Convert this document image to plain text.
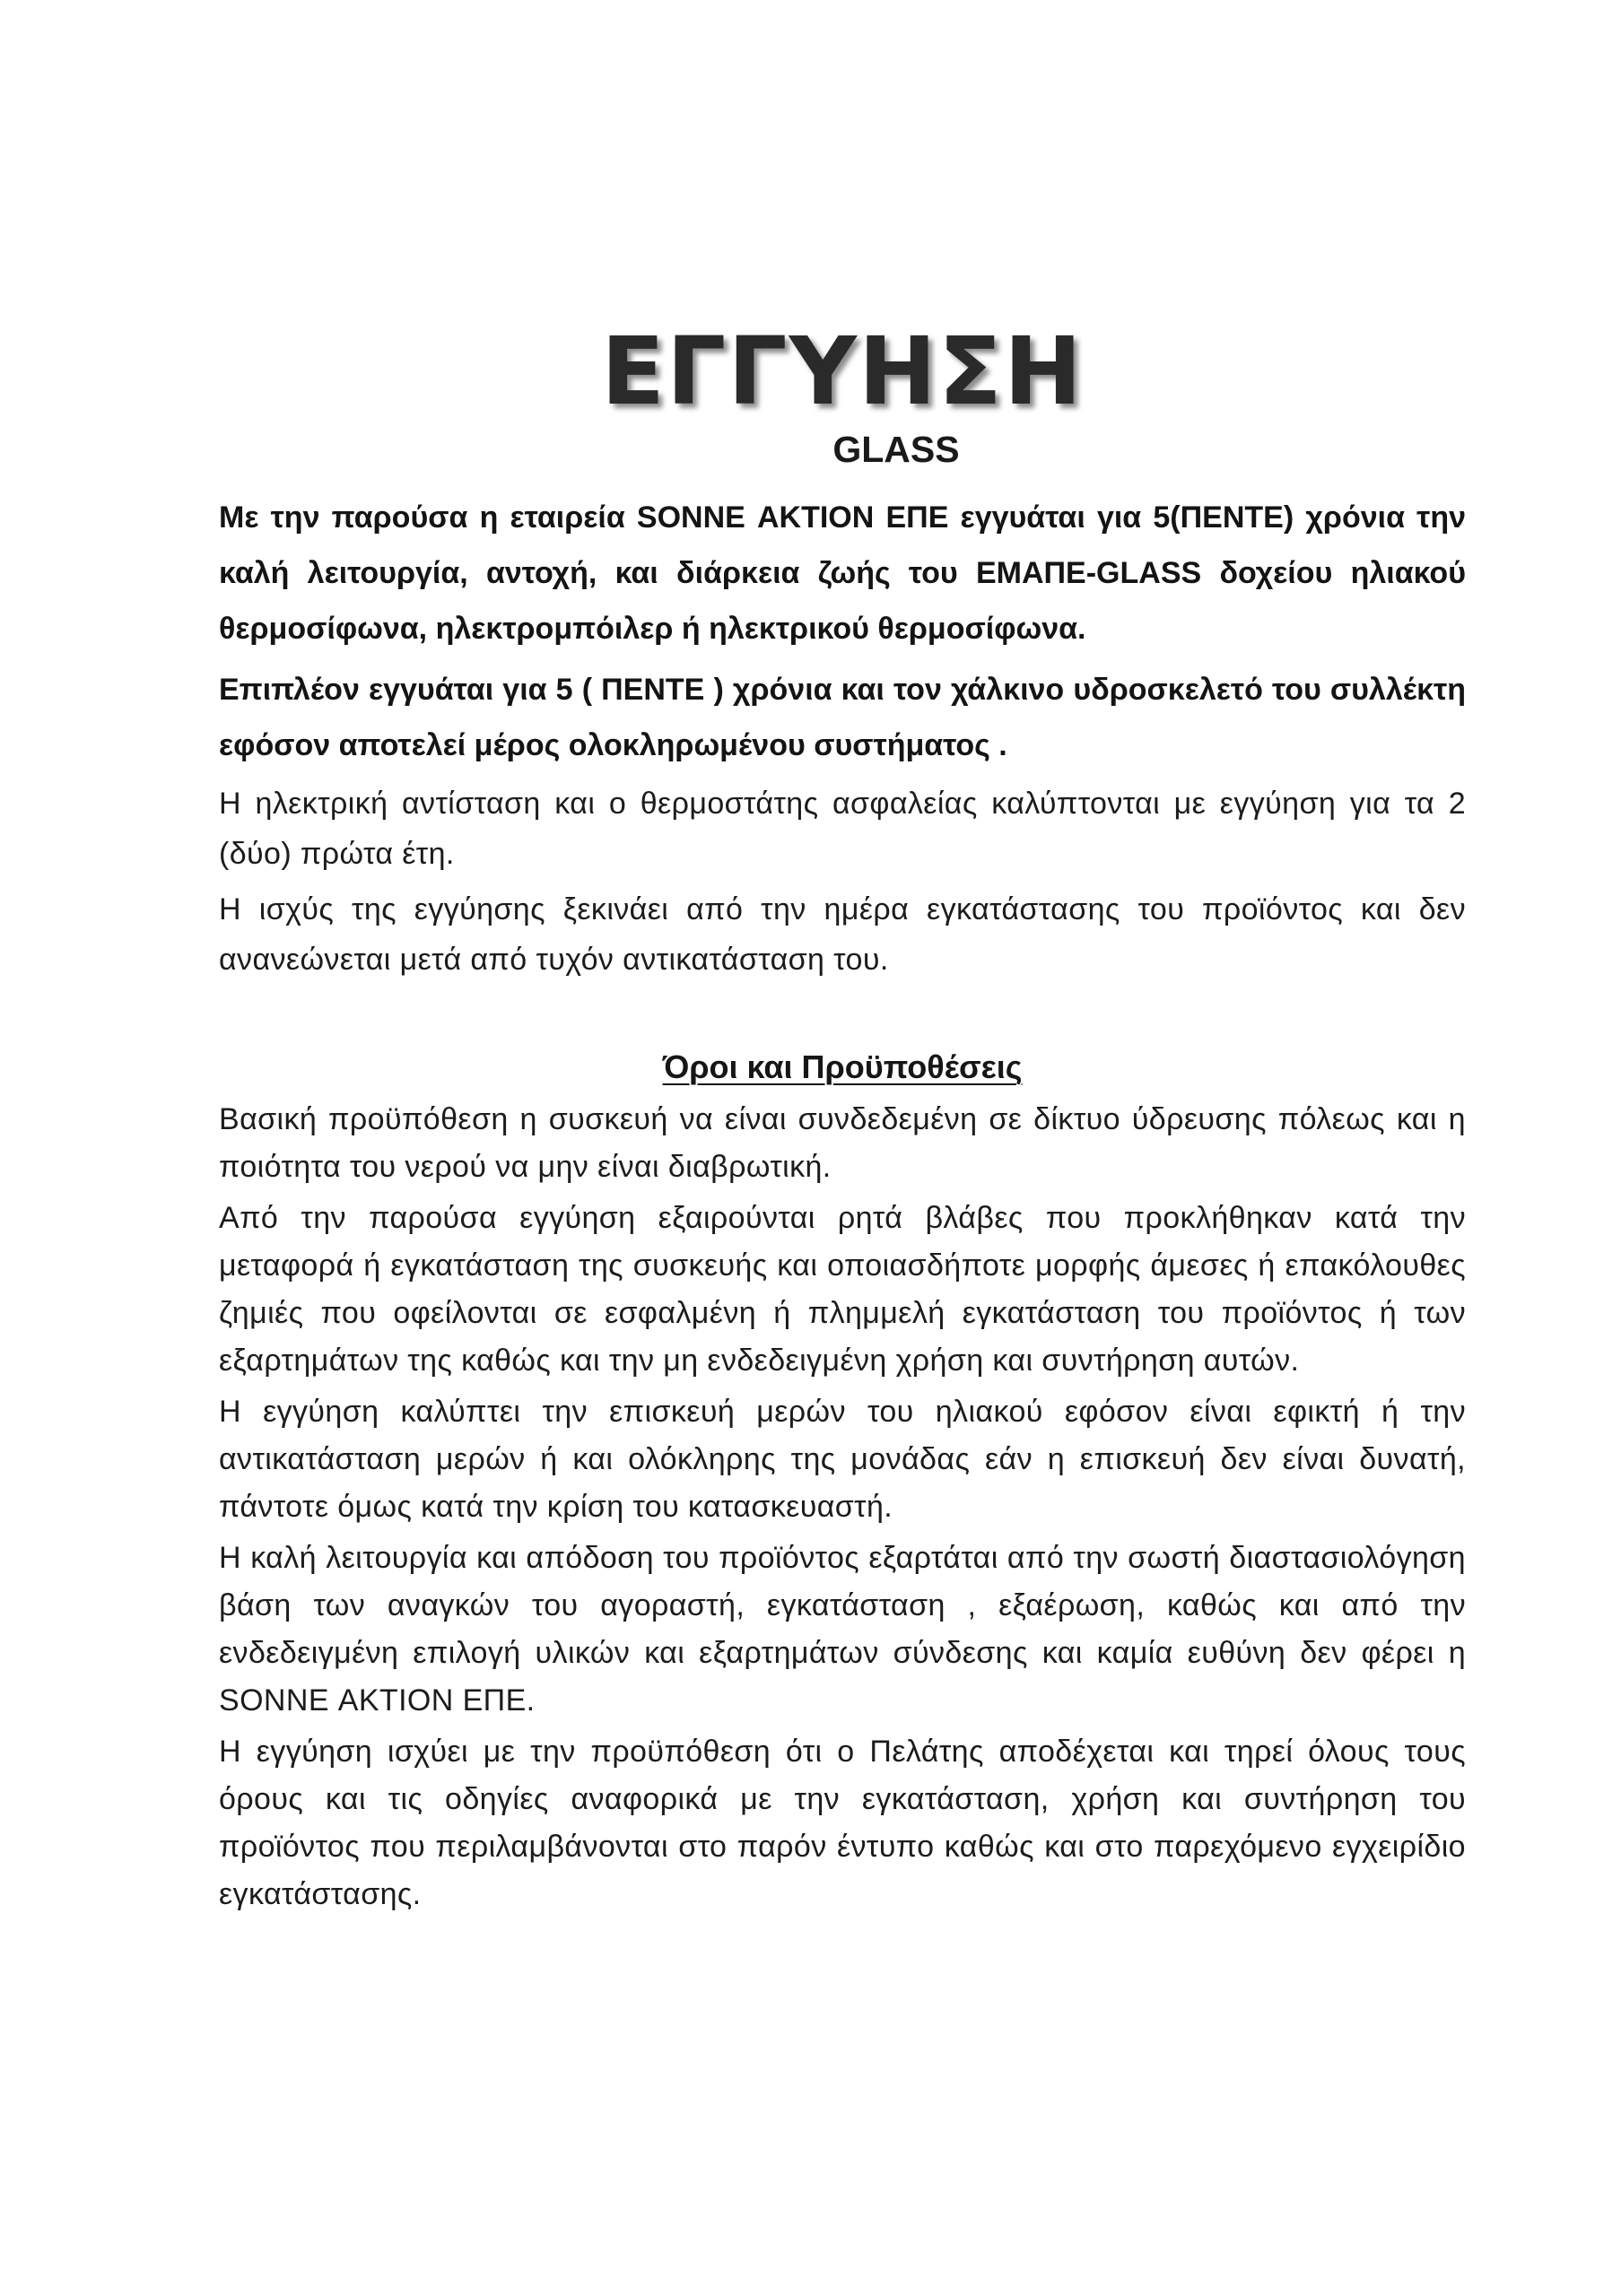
ΕΓΓΥΗΣΗ
GLASS

Με την παρούσα η εταιρεία SONNE ΑΚΤΙΟΝ ΕΠΕ εγγυάται για 5(ΠΕΝΤΕ) χρόνια την καλή λειτουργία, αντοχή, και διάρκεια ζωής του ΕΜΑΠΕ-GLASS δοχείου ηλιακού θερμοσίφωνα, ηλεκτρομπόιλερ ή ηλεκτρικού θερμοσίφωνα.

Επιπλέον εγγυάται για 5 ( ΠΕΝΤΕ ) χρόνια και τον χάλκινο υδροσκελετό του συλλέκτη εφόσον αποτελεί μέρος ολοκληρωμένου συστήματος .

Η ηλεκτρική αντίσταση και ο θερμοστάτης ασφαλείας καλύπτονται με εγγύηση για τα 2 (δύο) πρώτα έτη.

Η ισχύς της εγγύησης ξεκινάει από την ημέρα εγκατάστασης του προϊόντος και δεν ανανεώνεται μετά από τυχόν αντικατάσταση του.

Όροι και Προϋποθέσεις

Βασική προϋπόθεση η συσκευή να είναι συνδεδεμένη σε δίκτυο ύδρευσης πόλεως και η ποιότητα του νερού να μην είναι διαβρωτική.

Από την παρούσα εγγύηση εξαιρούνται ρητά βλάβες που προκλήθηκαν κατά την μεταφορά ή εγκατάσταση της συσκευής και οποιασδήποτε μορφής άμεσες ή επακόλουθες ζημιές που οφείλονται σε εσφαλμένη ή πλημμελή εγκατάσταση του προϊόντος ή των εξαρτημάτων της καθώς και την μη ενδεδειγμένη χρήση και συντήρηση αυτών.

Η εγγύηση καλύπτει την επισκευή μερών του ηλιακού εφόσον είναι εφικτή ή την αντικατάσταση μερών ή και ολόκληρης της μονάδας εάν η επισκευή δεν είναι δυνατή, πάντοτε όμως κατά την κρίση του κατασκευαστή.

Η καλή λειτουργία και απόδοση του προϊόντος εξαρτάται από την σωστή διαστασιολόγηση βάση των αναγκών του αγοραστή, εγκατάσταση , εξαέρωση, καθώς και από την ενδεδειγμένη επιλογή υλικών και εξαρτημάτων σύνδεσης και καμία ευθύνη δεν φέρει η SONNE ΑΚΤΙΟΝ ΕΠΕ.

Η εγγύηση ισχύει με την προϋπόθεση ότι ο Πελάτης αποδέχεται και τηρεί όλους τους όρους και τις οδηγίες αναφορικά με την εγκατάσταση, χρήση και συντήρηση του προϊόντος που περιλαμβάνονται στο παρόν έντυπο καθώς και στο παρεχόμενο εγχειρίδιο εγκατάστασης.
